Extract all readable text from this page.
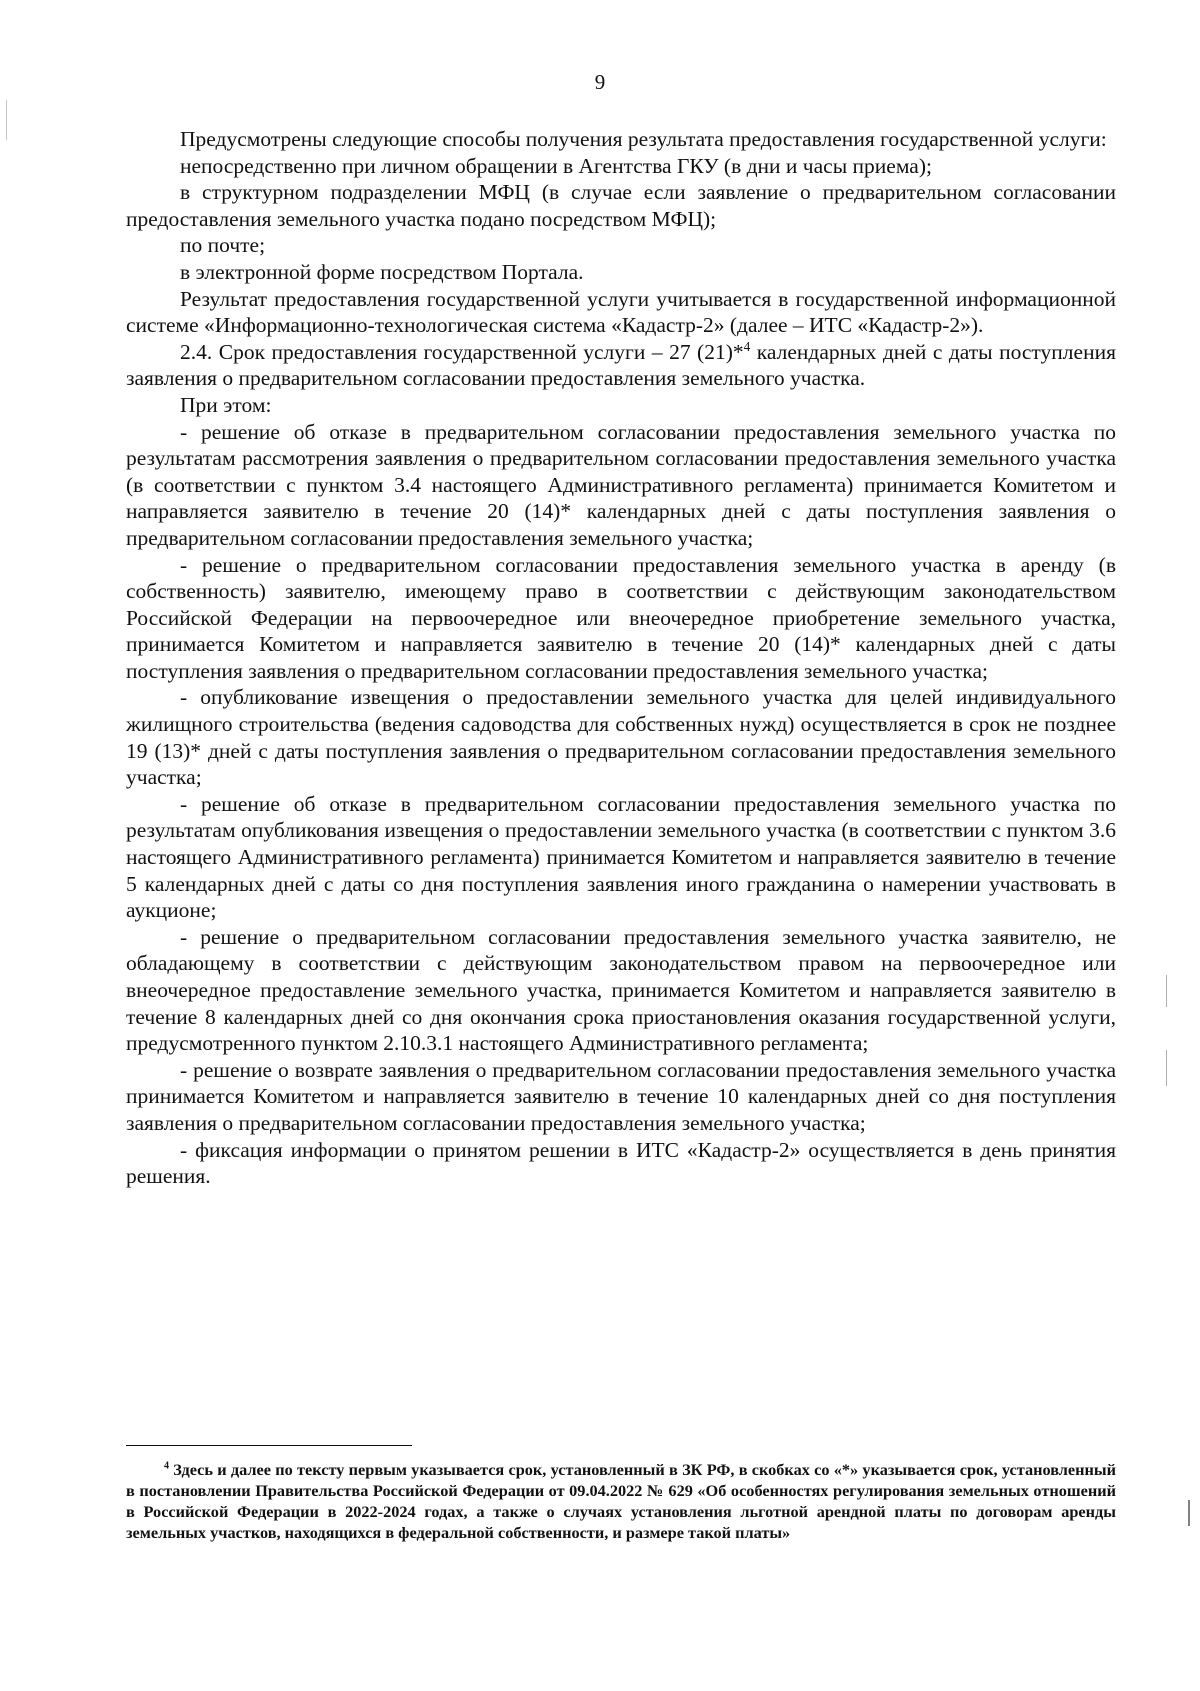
9

Предусмотрены следующие способы получения результата предоставления государственной услуги:

непосредственно при личном обращении в Агентства ГКУ (в дни и часы приема);

в структурном подразделении МФЦ (в случае если заявление о предварительном согласовании предоставления земельного участка подано посредством МФЦ);

по почте;

в электронной форме посредством Портала.

Результат предоставления государственной услуги учитывается в государственной информационной системе «Информационно-технологическая система «Кадастр-2» (далее – ИТС «Кадастр-2»).

2.4. Срок предоставления государственной услуги – 27 (21)*$^4$ календарных дней с даты поступления заявления о предварительном согласовании предоставления земельного участка.

При этом:

- решение об отказе в предварительном согласовании предоставления земельного участка по результатам рассмотрения заявления о предварительном согласовании предоставления земельного участка (в соответствии с пунктом 3.4 настоящего Административного регламента) принимается Комитетом и направляется заявителю в течение 20 (14)* календарных дней с даты поступления заявления о предварительном согласовании предоставления земельного участка;

- решение о предварительном согласовании предоставления земельного участка в аренду (в собственность) заявителю, имеющему право в соответствии с действующим законодательством Российской Федерации на первоочередное или внеочередное приобретение земельного участка, принимается Комитетом и направляется заявителю в течение 20 (14)* календарных дней с даты поступления заявления о предварительном согласовании предоставления земельного участка;

- опубликование извещения о предоставлении земельного участка для целей индивидуального жилищного строительства (ведения садоводства для собственных нужд) осуществляется в срок не позднее 19 (13)* дней с даты поступления заявления о предварительном согласовании предоставления земельного участка;

- решение об отказе в предварительном согласовании предоставления земельного участка по результатам опубликования извещения о предоставлении земельного участка (в соответствии с пунктом 3.6 настоящего Административного регламента) принимается Комитетом и направляется заявителю в течение 5 календарных дней с даты со дня поступления заявления иного гражданина о намерении участвовать в аукционе;

- решение о предварительном согласовании предоставления земельного участка заявителю, не обладающему в соответствии с действующим законодательством правом на первоочередное или внеочередное предоставление земельного участка, принимается Комитетом и направляется заявителю в течение 8 календарных дней со дня окончания срока приостановления оказания государственной услуги, предусмотренного пунктом 2.10.3.1 настоящего Административного регламента;

- решение о возврате заявления о предварительном согласовании предоставления земельного участка принимается Комитетом и направляется заявителю в течение 10 календарных дней со дня поступления заявления о предварительном согласовании предоставления земельного участка;

- фиксация информации о принятом решении в ИТС «Кадастр-2» осуществляется в день принятия решения.

$^4$ Здесь и далее по тексту первым указывается срок, установленный в ЗК РФ, в скобках со «*» указывается срок, установленный в постановлении Правительства Российской Федерации от 09.04.2022 № 629 «Об особенностях регулирования земельных отношений в Российской Федерации в 2022-2024 годах, а также о случаях установления льготной арендной платы по договорам аренды земельных участков, находящихся в федеральной собственности, и размере такой платы»
